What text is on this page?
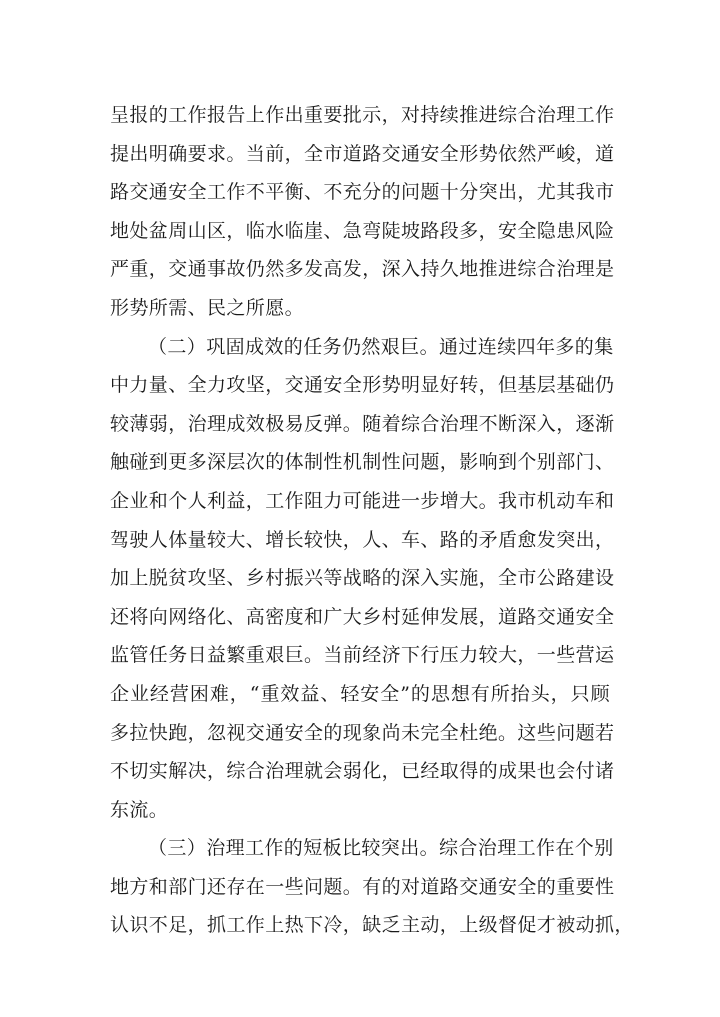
呈报的工作报告上作出重要批示，对持续推进综合治理工作
提出明确要求。当前，全市道路交通安全形势依然严峻，道
路交通安全工作不平衡、不充分的问题十分突出，尤其我市
地处盆周山区，临水临崖、急弯陡坡路段多，安全隐患风险
严重，交通事故仍然多发高发，深入持久地推进综合治理是
形势所需、民之所愿。
（二）巩固成效的任务仍然艰巨。通过连续四年多的集
中力量、全力攻坚，交通安全形势明显好转，但基层基础仍
较薄弱，治理成效极易反弹。随着综合治理不断深入，逐渐
触碰到更多深层次的体制性机制性问题，影响到个别部门、
企业和个人利益，工作阻力可能进一步增大。我市机动车和
驾驶人体量较大、增长较快，人、车、路的矛盾愈发突出，
加上脱贫攻坚、乡村振兴等战略的深入实施，全市公路建设
还将向网络化、高密度和广大乡村延伸发展，道路交通安全
监管任务日益繁重艰巨。当前经济下行压力较大，一些营运
企业经营困难，“重效益、轻安全”的思想有所抬头，只顾
多拉快跑，忽视交通安全的现象尚未完全杜绝。这些问题若
不切实解决，综合治理就会弱化，已经取得的成果也会付诸
东流。
（三）治理工作的短板比较突出。综合治理工作在个别
地方和部门还存在一些问题。有的对道路交通安全的重要性
认识不足，抓工作上热下冷，缺乏主动，上级督促才被动抓，
